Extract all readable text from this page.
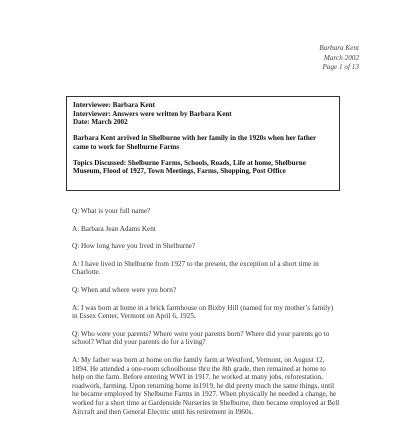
Barbara Kent
March 2002
Page 1 of 13
Interviewee: Barbara Kent
Interviewer: Answers were written by Barbara Kent
Date: March 2002
Barbara Kent arrived in Shelburne with her family in the 1920s when her father came to work for Shelburne Farms
Topics Discussed: Shelburne Farms, Schools, Roads, Life at home, Shelburne Museum, Flood of 1927, Town Meetings, Farms, Shopping, Post Office

Q: What is your full name?

A: Barbara Jean Adams Kent

Q: How long have you lived in Shelburne?

A: I have lived in Shelburne from 1927 to the present, the exception of a short time in Charlotte.

Q: When and where were you born?

A: I was born at home in a brick farmhouse on Bixby Hill (named for my mother’s family) in Essex Center, Vermont on April 6, 1925.

Q: Who were your parents? Where were your parents born? Where did your parents go to school? What did your parents do for a living?

A: My father was born at home on the family farm at Westford, Vermont, on August 12, 1894. He attended a one-room schoolhouse thru the 8th grade, then remained at home to help on the farm. Before entering WWI in 1917, he worked at many jobs, reforestation, roadwork, farming. Upon returning home in1919, he did pretty much the same things, until he became employed by Shelburne Farms in 1927. When physically he needed a change, he worked for a short time at Gardenside Nurseries in Shelburne, then became employed at Bell Aircraft and then General Electric until his retirement in I960s.
